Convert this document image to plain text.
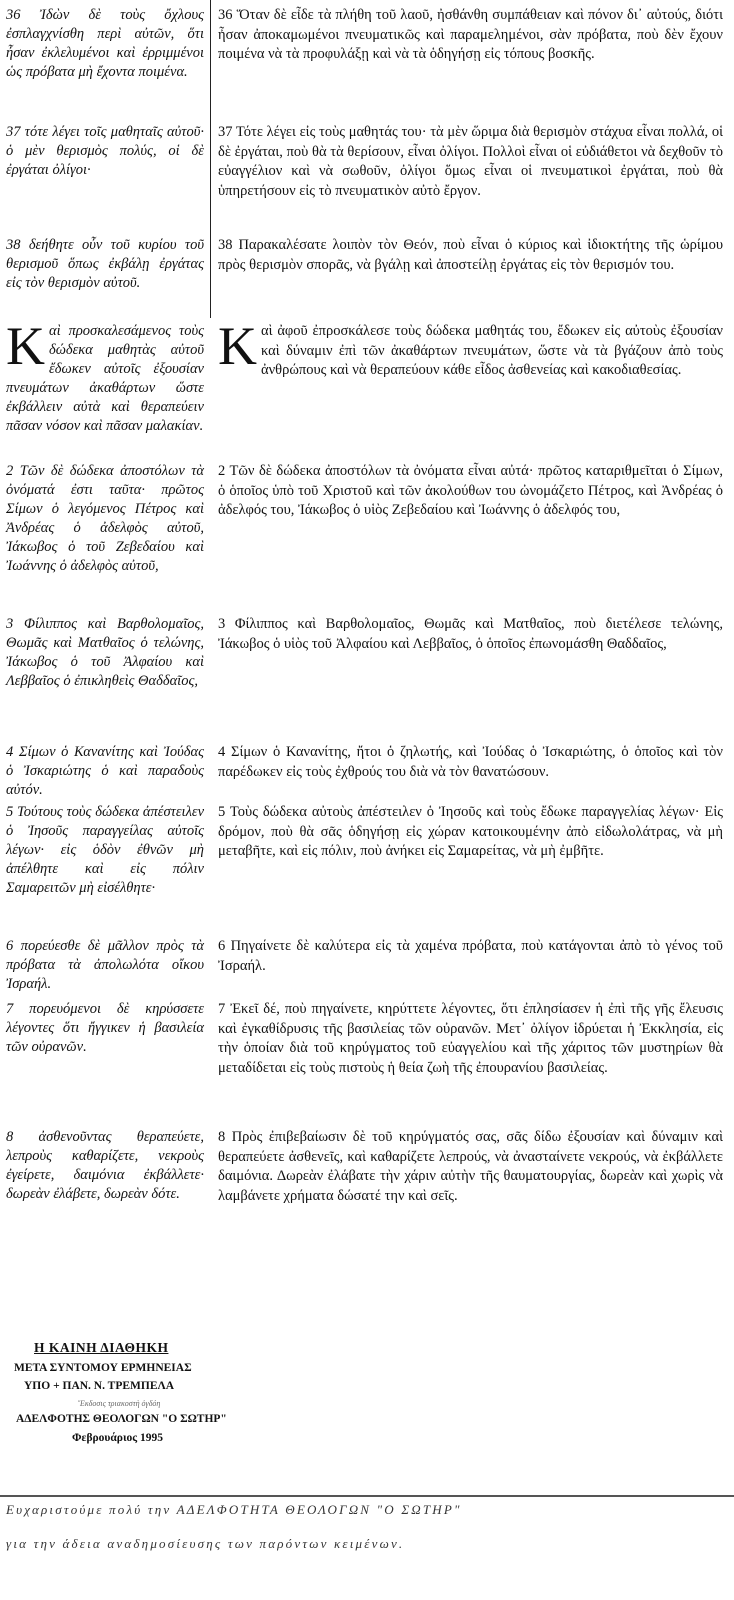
36 Ἰδὼν δὲ τοὺς ὄχλους ἐσπλαγχνίσθη περὶ αὐτῶν, ὅτι ἦσαν ἐκλελυμένοι καὶ ἐρριμμένοι ὡς πρόβατα μὴ ἔχοντα ποιμένα.
36 Ὅταν δὲ εἶδε τὰ πλήθη τοῦ λαοῦ, ἠσθάνθη συμπάθειαν καὶ πόνον δι᾽ αὐτούς, διότι ἦσαν ἀποκαμωμένοι πνευματικῶς καὶ παραμελημένοι, σὰν πρόβατα, ποὺ δὲν ἔχουν ποιμένα νὰ τὰ προφυλάξῃ καὶ νὰ τὰ ὁδηγήσῃ εἰς τόπους βοσκῆς.
37 τότε λέγει τοῖς μαθηταῖς αὐτοῦ· ὁ μὲν θερισμὸς πολύς, οἱ δὲ ἐργάται ὀλίγοι·
37 Τότε λέγει εἰς τοὺς μαθητάς του· τὰ μὲν ὥριμα διὰ θερισμὸν στάχυα εἶναι πολλά, οἱ δὲ ἐργάται, ποὺ θὰ τὰ θερίσουν, εἶναι ὀλίγοι. Πολλοὶ εἶναι οἱ εὐδιάθετοι νὰ δεχθοῦν τὸ εὐαγγέλιον καὶ νὰ σωθοῦν, ὀλίγοι ὅμως εἶναι οἱ πνευματικοὶ ἐργάται, ποὺ θὰ ὑπηρετήσουν εἰς τὸ πνευματικὸν αὐτὸ ἔργον.
38 δεήθητε οὖν τοῦ κυρίου τοῦ θερισμοῦ ὅπως ἐκβάλῃ ἐργάτας εἰς τὸν θερισμὸν αὐτοῦ.
38 Παρακαλέσατε λοιπὸν τὸν Θεόν, ποὺ εἶναι ὁ κύριος καὶ ἰδιοκτήτης τῆς ὡρίμου πρὸς θερισμὸν σπορᾶς, νὰ βγάλῃ καὶ ἀποστείλῃ ἐργάτας εἰς τὸν θερισμόν του.
Καὶ προσκαλεσάμενος τοὺς δώδεκα μαθητὰς αὐτοῦ ἔδωκεν αὐτοῖς ἐξουσίαν πνευμάτων ἀκαθάρτων ὥστε ἐκβάλλειν αὐτὰ καὶ θεραπεύειν πᾶσαν νόσον καὶ πᾶσαν μαλακίαν.
Καὶ ἀφοῦ ἐπροσκάλεσε τοὺς δώδεκα μαθητάς του, ἔδωκεν εἰς αὐτοὺς ἐξουσίαν καὶ δύναμιν ἐπὶ τῶν ἀκαθάρτων πνευμάτων, ὥστε νὰ τὰ βγάζουν ἀπὸ τοὺς ἀνθρώπους καὶ νὰ θεραπεύουν κάθε εἶδος ἀσθενείας καὶ κακοδιαθεσίας.
2 Τῶν δὲ δώδεκα ἀποστόλων τὰ ὀνόματά ἐστι ταῦτα· πρῶτος Σίμων ὁ λεγόμενος Πέτρος καὶ Ἀνδρέας ὁ ἀδελφὸς αὐτοῦ, Ἰάκωβος ὁ τοῦ Ζεβεδαίου καὶ Ἰωάννης ὁ ἀδελφὸς αὐτοῦ,
2 Τῶν δὲ δώδεκα ἀποστόλων τὰ ὀνόματα εἶναι αὐτά· πρῶτος καταριθμεῖται ὁ Σίμων, ὁ ὁποῖος ὑπὸ τοῦ Χριστοῦ καὶ τῶν ἀκολούθων του ὠνομάζετο Πέτρος, καὶ Ἀνδρέας ὁ ἀδελφός του, Ἰάκωβος ὁ υἱὸς Ζεβεδαίου καὶ Ἰωάννης ὁ ἀδελφός του,
3 Φίλιππος καὶ Βαρθολομαῖος, Θωμᾶς καὶ Ματθαῖος ὁ τελώνης, Ἰάκωβος ὁ τοῦ Ἀλφαίου καὶ Λεββαῖος ὁ ἐπικληθεὶς Θαδδαῖος,
3 Φίλιππος καὶ Βαρθολομαῖος, Θωμᾶς καὶ Ματθαῖος, ποὺ διετέλεσε τελώνης, Ἰάκωβος ὁ υἱὸς τοῦ Ἀλφαίου καὶ Λεββαῖος, ὁ ὁποῖος ἐπωνομάσθη Θαδδαῖος,
4 Σίμων ὁ Κανανίτης καὶ Ἰούδας ὁ Ἰσκαριώτης ὁ καὶ παραδοὺς αὐτόν.
4 Σίμων ὁ Κανανίτης, ἤτοι ὁ ζηλωτής, καὶ Ἰούδας ὁ Ἰσκαριώτης, ὁ ὁποῖος καὶ τὸν παρέδωκεν εἰς τοὺς ἐχθρούς του διὰ νὰ τὸν θανατώσουν.
5 Τούτους τοὺς δώδεκα ἀπέστειλεν ὁ Ἰησοῦς παραγγείλας αὐτοῖς λέγων· εἰς ὁδὸν ἐθνῶν μὴ ἀπέλθητε καὶ εἰς πόλιν Σαμαρειτῶν μὴ εἰσέλθητε·
5 Τοὺς δώδεκα αὐτοὺς ἀπέστειλεν ὁ Ἰησοῦς καὶ τοὺς ἔδωκε παραγγελίας λέγων· Εἰς δρόμον, ποὺ θὰ σᾶς ὁδηγήσῃ εἰς χώραν κατοικουμένην ἀπὸ εἰδωλολάτρας, νὰ μὴ μεταβῆτε, καὶ εἰς πόλιν, ποὺ ἀνήκει εἰς Σαμαρείτας, νὰ μὴ ἐμβῆτε.
6 πορεύεσθε δὲ μᾶλλον πρὸς τὰ πρόβατα τὰ ἀπολωλότα οἴκου Ἰσραήλ.
6 Πηγαίνετε δὲ καλύτερα εἰς τὰ χαμένα πρόβατα, ποὺ κατάγονται ἀπὸ τὸ γένος τοῦ Ἰσραήλ.
7 πορευόμενοι δὲ κηρύσσετε λέγοντες ὅτι ἤγγικεν ἡ βασιλεία τῶν οὐρανῶν.
7 Ἐκεῖ δέ, ποὺ πηγαίνετε, κηρύττετε λέγοντες, ὅτι ἐπλησίασεν ἡ ἐπὶ τῆς γῆς ἔλευσις καὶ ἐγκαθίδρυσις τῆς βασιλείας τῶν οὐρανῶν. Μετ᾽ ὀλίγον ἱδρύεται ἡ Ἐκκλησία, εἰς τὴν ὁποίαν διὰ τοῦ κηρύγματος τοῦ εὐαγγελίου καὶ τῆς χάριτος τῶν μυστηρίων θὰ μεταδίδεται εἰς τοὺς πιστοὺς ἡ θεία ζωὴ τῆς ἐπουρανίου βασιλείας.
8 ἀσθενοῦντας θεραπεύετε, λεπροὺς καθαρίζετε, νεκροὺς ἐγείρετε, δαιμόνια ἐκβάλλετε· δωρεὰν ἐλάβετε, δωρεὰν δότε.
8 Πρὸς ἐπιβεβαίωσιν δὲ τοῦ κηρύγματός σας, σᾶς δίδω ἐξουσίαν καὶ δύναμιν καὶ θεραπεύετε ἀσθενεῖς, καὶ καθαρίζετε λεπρούς, νὰ ἀνασταίνετε νεκρούς, νὰ ἐκβάλλετε δαιμόνια. Δωρεὰν ἐλάβατε τὴν χάριν αὐτὴν τῆς θαυματουργίας, δωρεὰν καὶ χωρὶς νὰ λαμβάνετε χρήματα δώσατέ την καὶ σεῖς.
Η ΚΑΙΝΗ ΔΙΑΘΗΚΗ
ΜΕΤΑ ΣΥΝΤΟΜΟΥ ΕΡΜΗΝΕΙΑΣ
ΥΠΟ + ΠΑΝ. Ν. ΤΡΕΜΠΕΛΑ
Ἔκδοσις τριακοστὴ ὀγδόη
ΑΔΕΛΦΟΤΗΣ ΘΕΟΛΟΓΩΝ "Ο ΣΩΤΗΡ"
Φεβρουάριος 1995
Ευχαριστούμε πολύ την ΑΔΕΛΦΟΤΗΤΑ ΘΕΟΛΟΓΩΝ "Ο ΣΩΤΗΡ"
για την άδεια αναδημοσίευσης των παρόντων κειμένων.
